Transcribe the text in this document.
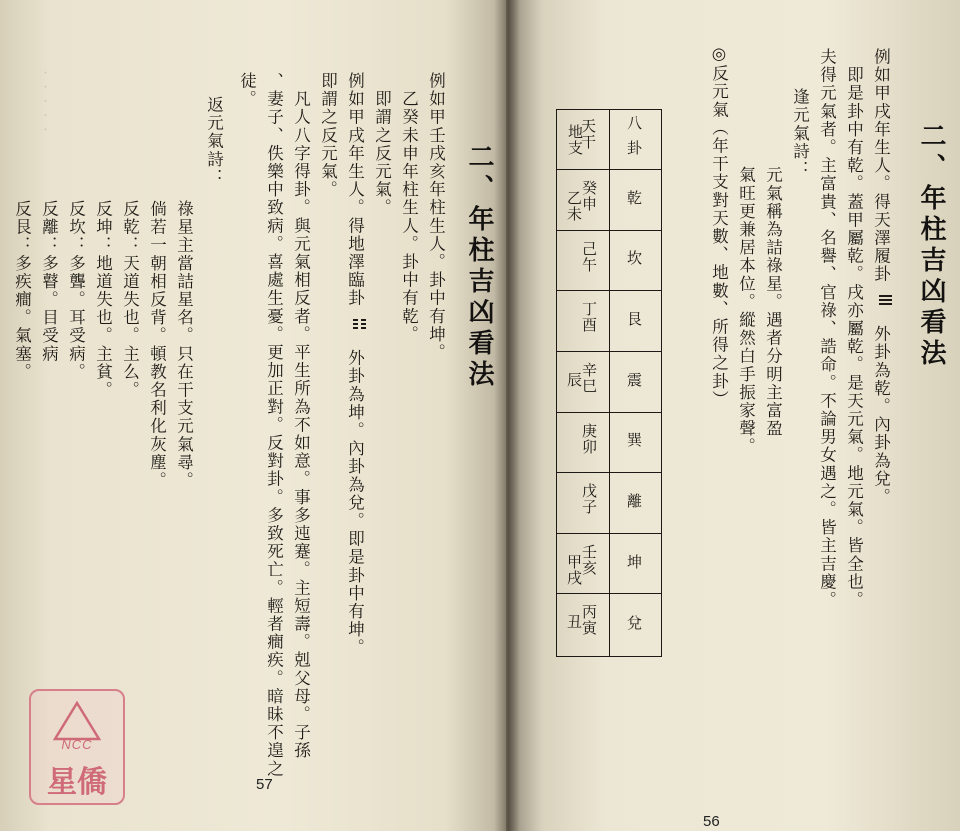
· · · · ·
二、年柱吉凶看法
例如甲壬戌亥年柱生人。卦中有坤。
　乙癸未申年柱生人。卦中有乾。
　即謂之反元氣。
例如甲戌年生人。得地澤臨卦
外卦為坤。內卦為兌。即是卦中有坤。
即謂之反元氣。
　凡人八字得卦。與元氣相反者。平生所為不如意。事多迍蹇。主短壽。剋父母。子孫
、妻子、佚樂中致病。喜處生憂。更加正對。反對卦。多致死亡。輕者癎疾。暗昧不遑之
徒。
返元氣詩：
祿星主當詰星名。只在干支元氣尋。
倘若一朝相反背。頓教名利化灰塵。
反乾：天道失也。主么。
反坤：地道失也。主貧。
反坎：多聾。耳受病。
反離：多瞽。目受病
反艮：多疾癎。氣塞。
57
二、年柱吉凶看法
例如甲戌年生人。得天澤履卦
外卦為乾。內卦為兌。
　即是卦中有乾。蓋甲屬乾。戌亦屬乾。是天元氣。地元氣。皆全也。
夫得元氣者。主富貴、名譽、官祿、誥命。不論男女遇之。皆主吉慶。
　逢元氣詩：
　　元氣稱為詰祿星。遇者分明主富盈
　　氣旺更兼居本位。縱然白手振家聲。
◎反元氣（年干支對天數、地數、所得之卦）
八卦
乾
坎
艮
震
巽
離
坤
兌
天干
地支
癸申
乙未
己午
丁酉
辛巳
辰
庚卯
戊子
壬亥
甲戌
丙寅
丑
56
NCC
星僑
